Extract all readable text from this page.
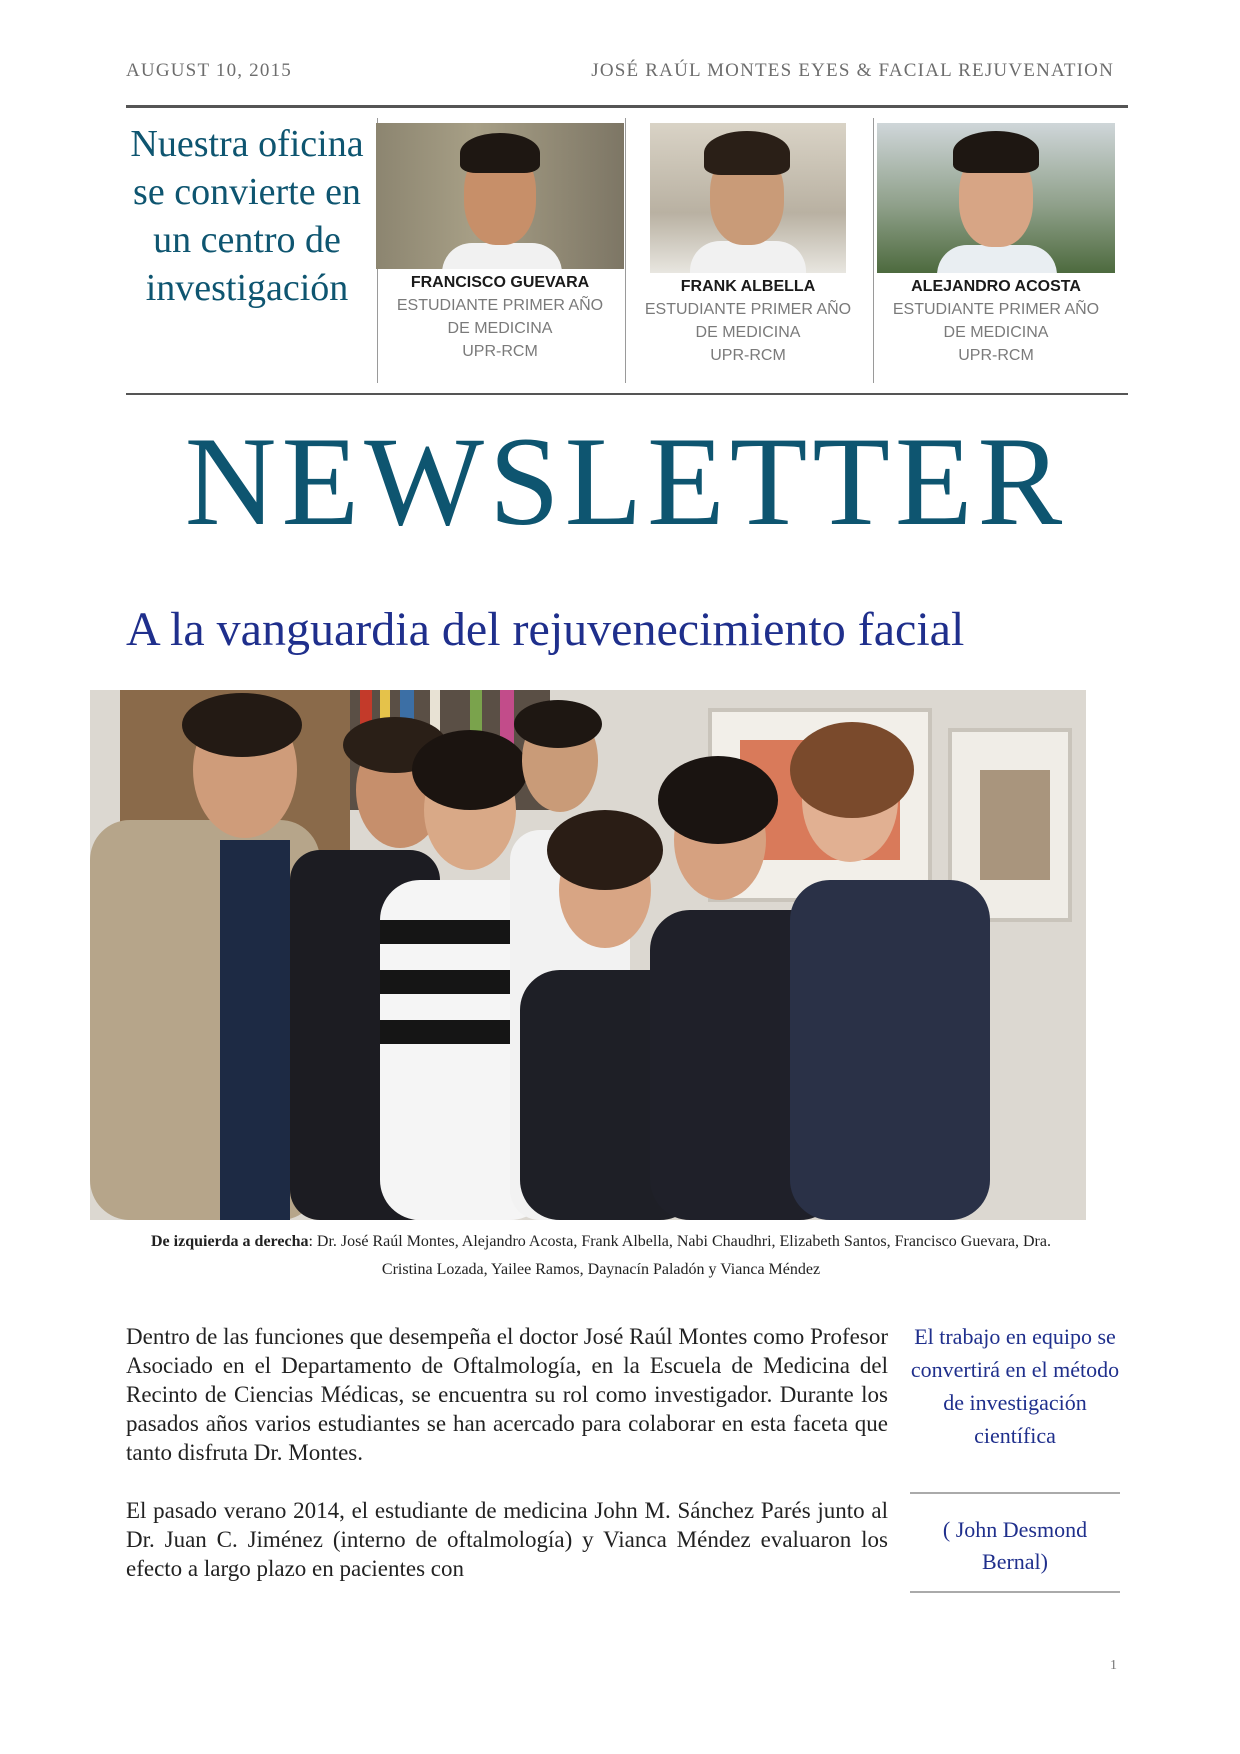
AUGUST 10, 2015	JOSÉ RAÚL MONTES EYES & FACIAL REJUVENATION
Nuestra oficina se convierte en un centro de investigación	FRANCISCO GUEVARA
ESTUDIANTE PRIMER AÑO
DE MEDICINA
UPR-RCM
FRANK ALBELLA
ESTUDIANTE PRIMER AÑO
DE MEDICINA
UPR-RCM
ALEJANDRO ACOSTA
ESTUDIANTE PRIMER AÑO
DE MEDICINA
UPR-RCM
NEWSLETTER
A la vanguardia del rejuvenecimiento facial
De izquierda a derecha: Dr. José Raúl Montes, Alejandro Acosta, Frank Albella, Nabi Chaudhri, Elizabeth Santos, Francisco Guevara, Dra. Cristina Lozada, Yailee Ramos, Daynacín Paladón y Vianca Méndez

Dentro de las funciones que desempeña el doctor José Raúl Montes como Profesor Asociado en el Departamento de Oftalmología, en la Escuela de Medicina del Recinto de Ciencias Médicas, se encuentra su rol como investigador. Durante los pasados años varios estudiantes se han acercado para colaborar en esta faceta que tanto disfruta Dr. Montes.

El pasado verano 2014, el estudiante de medicina John M. Sánchez Parés junto al Dr. Juan C. Jiménez (interno de oftalmología) y Vianca Méndez evaluaron los efecto a largo plazo en pacientes con

El trabajo en equipo se convertirá en el método de investigación científica
( John Desmond Bernal)
1
